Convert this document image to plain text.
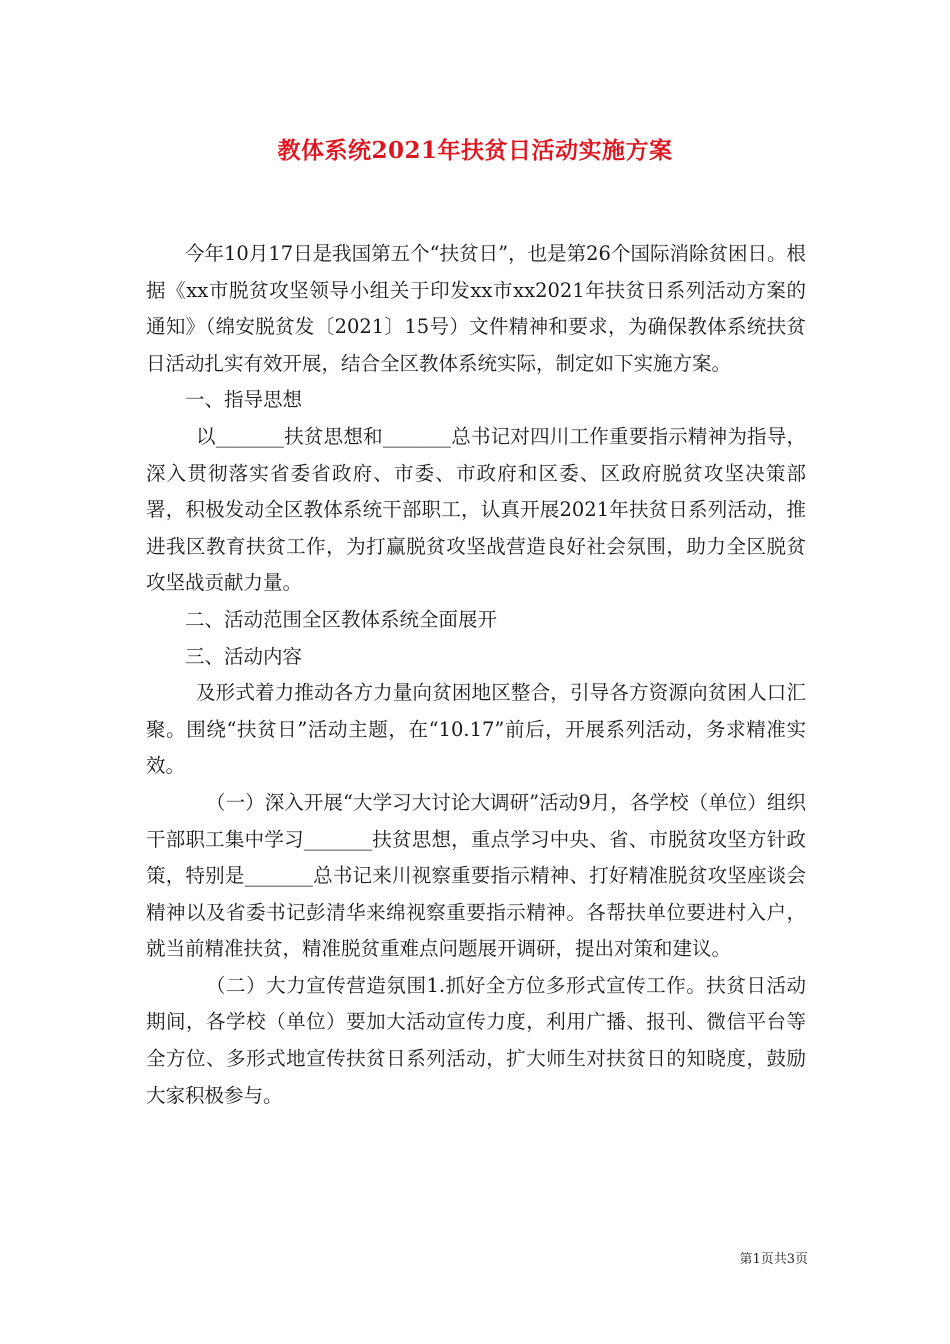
教体系统2021年扶贫日活动实施方案

今年10月17日是我国第五个“扶贫日”，也是第26个国际消除贫困日。根据《xx市脱贫攻坚领导小组关于印发xx市xx2021年扶贫日系列活动方案的通知》（绵安脱贫发〔2021〕15号）文件精神和要求，为确保教体系统扶贫日活动扎实有效开展，结合全区教体系统实际，制定如下实施方案。

一、指导思想

以_______扶贫思想和_______总书记对四川工作重要指示精神为指导，深入贯彻落实省委省政府、市委、市政府和区委、区政府脱贫攻坚决策部署，积极发动全区教体系统干部职工，认真开展2021年扶贫日系列活动，推进我区教育扶贫工作，为打赢脱贫攻坚战营造良好社会氛围，助力全区脱贫攻坚战贡献力量。

二、活动范围全区教体系统全面展开

三、活动内容

及形式着力推动各方力量向贫困地区整合，引导各方资源向贫困人口汇聚。围绕“扶贫日”活动主题，在“10.17”前后，开展系列活动，务求精准实效。

（一）深入开展“大学习大讨论大调研”活动9月，各学校（单位）组织干部职工集中学习_______扶贫思想，重点学习中央、省、市脱贫攻坚方针政策，特别是_______总书记来川视察重要指示精神、打好精准脱贫攻坚座谈会精神以及省委书记彭清华来绵视察重要指示精神。各帮扶单位要进村入户，就当前精准扶贫，精准脱贫重难点问题展开调研，提出对策和建议。

（二）大力宣传营造氛围1.抓好全方位多形式宣传工作。扶贫日活动期间，各学校（单位）要加大活动宣传力度，利用广播、报刊、微信平台等全方位、多形式地宣传扶贫日系列活动，扩大师生对扶贫日的知晓度，鼓励大家积极参与。

第1页共3页
